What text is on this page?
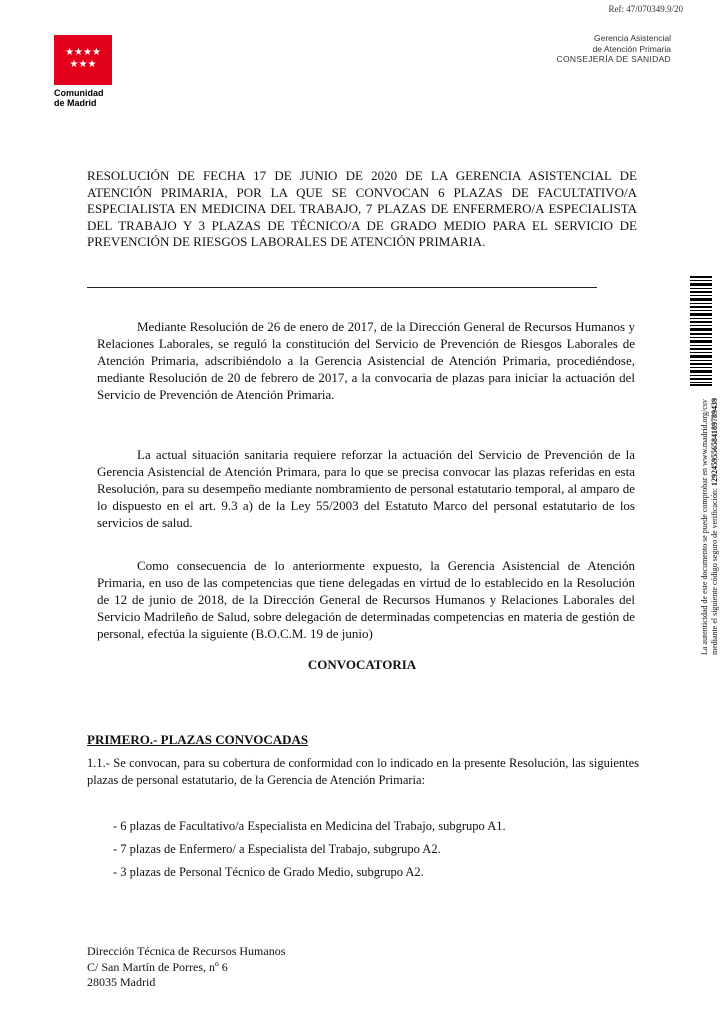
Ref: 47/070349.9/20
★★★★
★★★
Comunidad
de Madrid
Gerencia Asistencial
de Atención Primaria
CONSEJERÍA DE SANIDAD
RESOLUCIÓN DE FECHA 17 DE JUNIO DE 2020 DE LA GERENCIA ASISTENCIAL DE ATENCIÓN PRIMARIA, POR LA QUE SE CONVOCAN 6 PLAZAS DE FACULTATIVO/A ESPECIALISTA EN MEDICINA DEL TRABAJO, 7 PLAZAS DE ENFERMERO/A ESPECIALISTA DEL TRABAJO Y 3 PLAZAS DE TÉCNICO/A DE GRADO MEDIO PARA EL SERVICIO DE PREVENCIÓN DE RIESGOS LABORALES DE ATENCIÓN PRIMARIA.
Mediante Resolución de 26 de enero de 2017, de la Dirección General de Recursos Humanos y Relaciones Laborales, se reguló la constitución del Servicio de Prevención de Riesgos Laborales de Atención Primaria, adscribiéndolo a la Gerencia Asistencial de Atención Primaria, procediéndose, mediante Resolución de 20 de febrero de 2017, a la convocaria de plazas para iniciar la actuación del Servicio de Prevención de Atención Primaria.
La actual situación sanitaria requiere reforzar la actuación del Servicio de Prevención de la Gerencia Asistencial de Atención Primara, para lo que se precisa convocar las plazas referidas en esta Resolución, para su desempeño mediante nombramiento de personal estatutario temporal, al amparo de lo dispuesto en el art. 9.3 a) de la Ley 55/2003 del Estatuto Marco del personal estatutario de los servicios de salud.
Como consecuencia de lo anteriormente expuesto, la Gerencia Asistencial de Atención Primaria, en uso de las competencias que tiene delegadas en virtud de lo establecido en la Resolución de 12 de junio de 2018, de la Dirección General de Recursos Humanos y Relaciones Laborales del Servicio Madrileño de Salud, sobre delegación de determinadas competencias en materia de gestión de personal, efectúa la siguiente (B.O.C.M. 19 de junio)
CONVOCATORIA
PRIMERO.- PLAZAS CONVOCADAS
1.1.- Se convocan, para su cobertura de conformidad con lo indicado en la presente Resolución, las siguientes plazas de personal estatutario, de la Gerencia de Atención Primaria:
- 6 plazas de Facultativo/a Especialista en Medicina del Trabajo, subgrupo A1.
- 7 plazas de Enfermero/ a Especialista del Trabajo, subgrupo A2.
- 3 plazas de Personal Técnico de Grado Medio, subgrupo A2.
Dirección Técnica de Recursos Humanos
C/ San Martín de Porres, nº 6
28035 Madrid
La autenticidad de este documento se puede comprobar en www.madrid.org/csv mediante el siguiente código seguro de verificación: 1292459556584189789439
